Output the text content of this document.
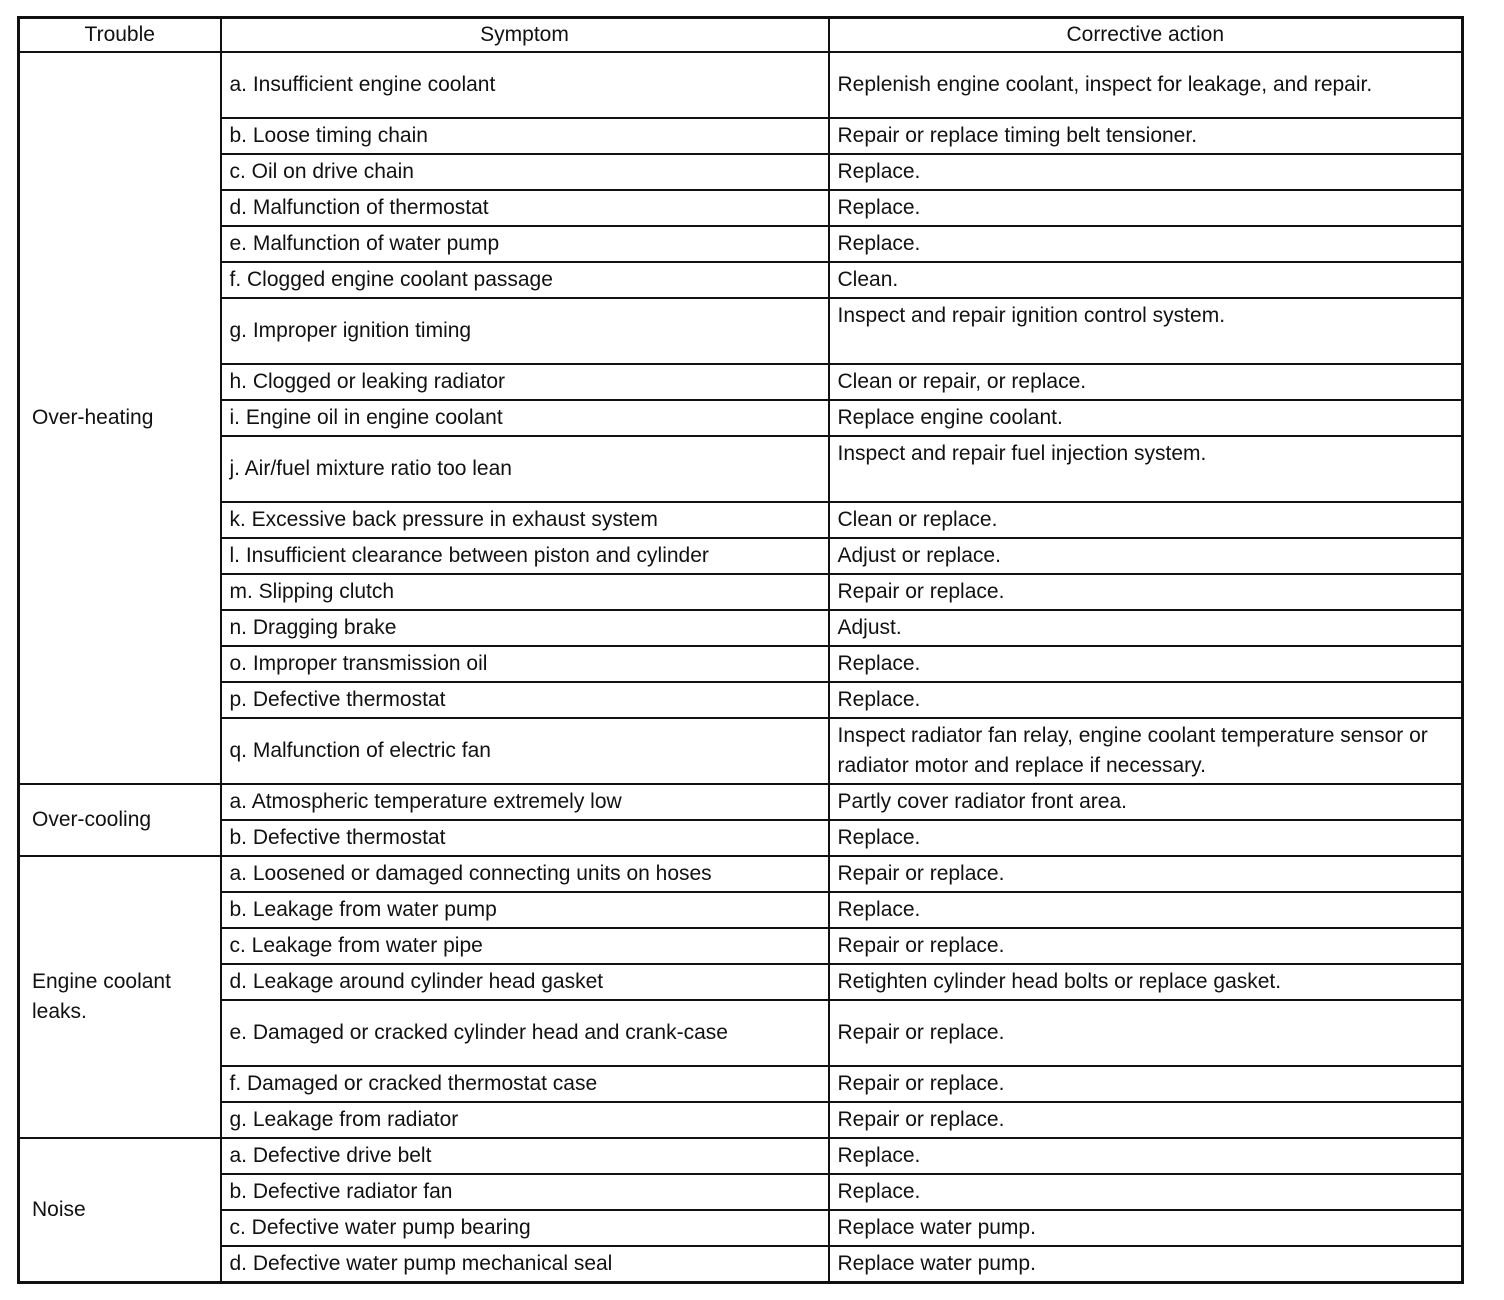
Trouble	Symptom	Corrective action
Over-heating	a. Insufficient engine coolant	Replenish engine coolant, inspect for leakage, and repair.
	b. Loose timing chain	Repair or replace timing belt tensioner.
	c. Oil on drive chain	Replace.
	d. Malfunction of thermostat	Replace.
	e. Malfunction of water pump	Replace.
	f. Clogged engine coolant passage	Clean.
	g. Improper ignition timing	Inspect and repair ignition control system.
	h. Clogged or leaking radiator	Clean or repair, or replace.
	i. Engine oil in engine coolant	Replace engine coolant.
	j. Air/fuel mixture ratio too lean	Inspect and repair fuel injection system.
	k. Excessive back pressure in exhaust system	Clean or replace.
	l. Insufficient clearance between piston and cylinder	Adjust or replace.
	m. Slipping clutch	Repair or replace.
	n. Dragging brake	Adjust.
	o. Improper transmission oil	Replace.
	p. Defective thermostat	Replace.
	q. Malfunction of electric fan	Inspect radiator fan relay, engine coolant temperature sensor or radiator motor and replace if necessary.
Over-cooling	a. Atmospheric temperature extremely low	Partly cover radiator front area.
	b. Defective thermostat	Replace.
Engine coolant leaks.	a. Loosened or damaged connecting units on hoses	Repair or replace.
	b. Leakage from water pump	Replace.
	c. Leakage from water pipe	Repair or replace.
	d. Leakage around cylinder head gasket	Retighten cylinder head bolts or replace gasket.
	e. Damaged or cracked cylinder head and crank-case	Repair or replace.
	f. Damaged or cracked thermostat case	Repair or replace.
	g. Leakage from radiator	Repair or replace.
Noise	a. Defective drive belt	Replace.
	b. Defective radiator fan	Replace.
	c. Defective water pump bearing	Replace water pump.
	d. Defective water pump mechanical seal	Replace water pump.
